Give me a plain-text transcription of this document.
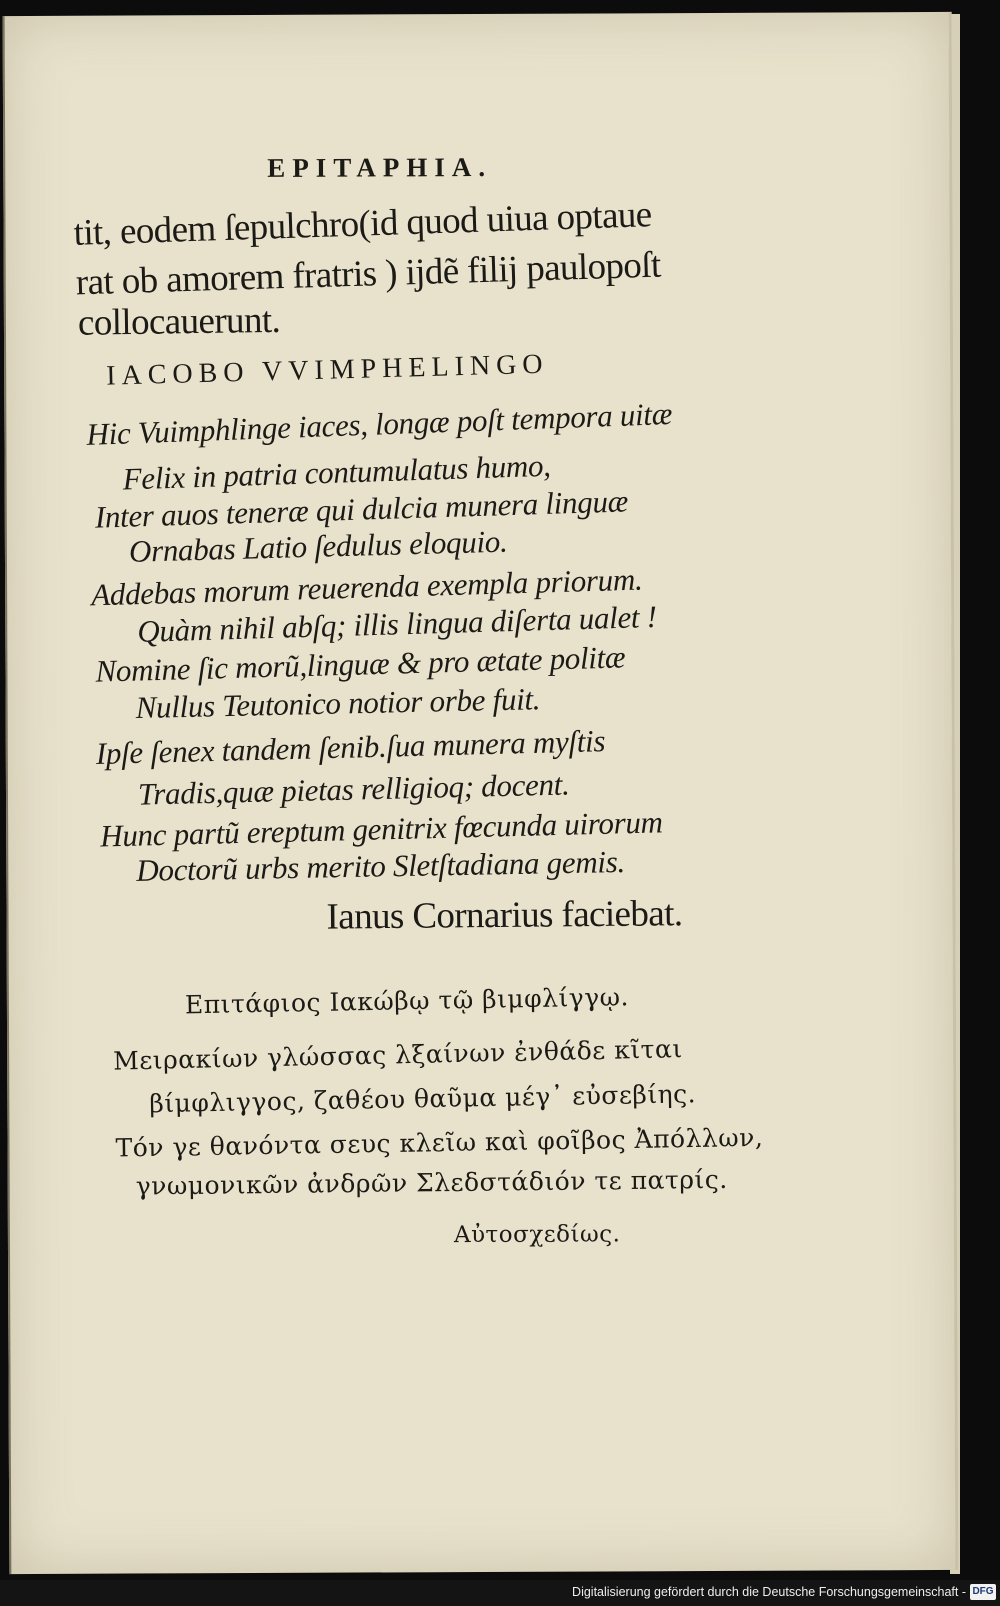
EPITAPHIA.
tit, eodem ſepulchro(id quod uiua optaue
rat ob amorem fratris ) ijdẽ filij paulopoſt
collocauerunt.
IACOBO VVIMPHELINGO
Hic Vuimphlinge iaces, longæ poſt tempora uitæ
Felix in patria contumulatus humo,
Inter auos teneræ qui dulcia munera linguæ
Ornabas Latio ſedulus eloquio.
Addebas morum reuerenda exempla priorum.
Quàm nihil abſq; illis lingua diſerta ualet !
Nomine ſic morũ,linguæ & pro ætate politæ
Nullus Teutonico notior orbe fuit.
Ipſe ſenex tandem ſenib.ſua munera myſtis
Tradis,quæ pietas relligioq; docent.
Hunc partũ ereptum genitrix fœcunda uirorum
Doctorũ urbs merito Sletſtadiana gemis.
Ianus Cornarius faciebat.
Επιτάφιος Ιακώβῳ τῷ βιμφλίγγῳ.
Μειρακίων γλώσσας λξαίνων ἐνθάδε κῖται
βίμφλιγγος, ζαθέου θαῦμα μέγ᾽ εὐσεβίης.
Τόν γε θανόντα σευς κλεῖω καὶ φοῖβος Ἀπόλλων,
γνωμονικῶν ἀνδρῶν Σλεδστάδιόν τε πατρίς.
Αὐτοσχεδίως.
Digitalisierung gefördert durch die Deutsche Forschungsgemeinschaft - DFG
